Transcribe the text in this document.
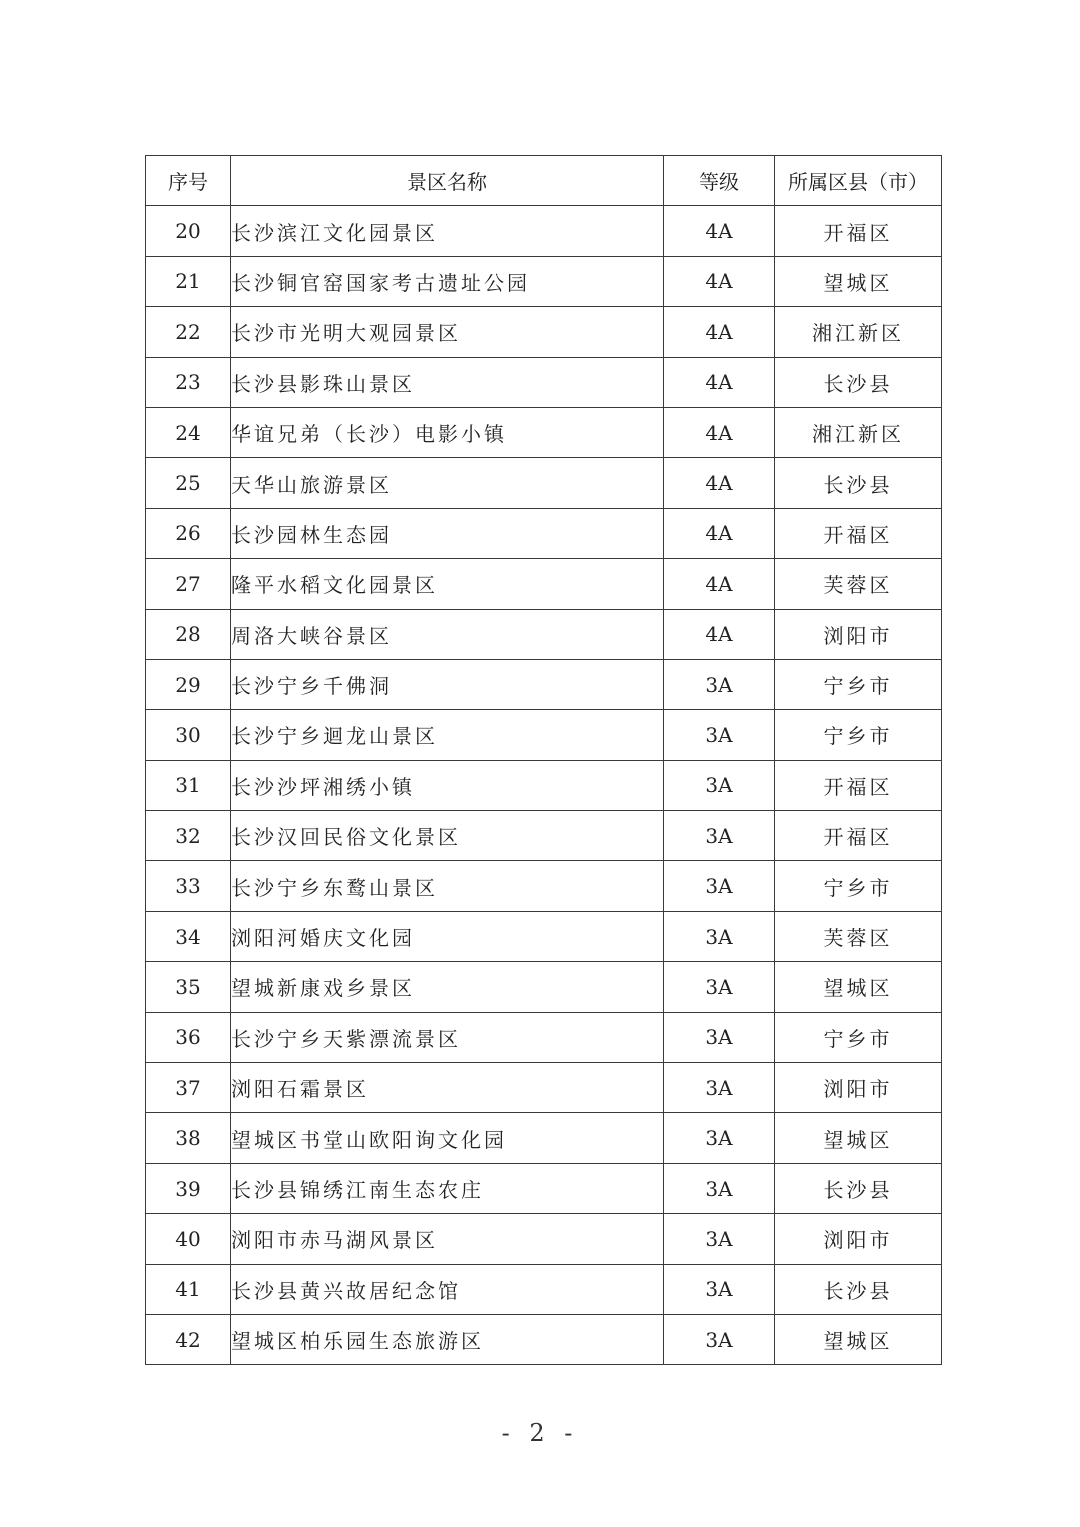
序号	景区名称	等级	所属区县（市）
20	长沙滨江文化园景区	4A	开福区
21	长沙铜官窑国家考古遗址公园	4A	望城区
22	长沙市光明大观园景区	4A	湘江新区
23	长沙县影珠山景区	4A	长沙县
24	华谊兄弟（长沙）电影小镇	4A	湘江新区
25	天华山旅游景区	4A	长沙县
26	长沙园林生态园	4A	开福区
27	隆平水稻文化园景区	4A	芙蓉区
28	周洛大峡谷景区	4A	浏阳市
29	长沙宁乡千佛洞	3A	宁乡市
30	长沙宁乡迴龙山景区	3A	宁乡市
31	长沙沙坪湘绣小镇	3A	开福区
32	长沙汉回民俗文化景区	3A	开福区
33	长沙宁乡东鹜山景区	3A	宁乡市
34	浏阳河婚庆文化园	3A	芙蓉区
35	望城新康戏乡景区	3A	望城区
36	长沙宁乡天紫漂流景区	3A	宁乡市
37	浏阳石霜景区	3A	浏阳市
38	望城区书堂山欧阳询文化园	3A	望城区
39	长沙县锦绣江南生态农庄	3A	长沙县
40	浏阳市赤马湖风景区	3A	浏阳市
41	长沙县黄兴故居纪念馆	3A	长沙县
42	望城区柏乐园生态旅游区	3A	望城区
- 2 -
